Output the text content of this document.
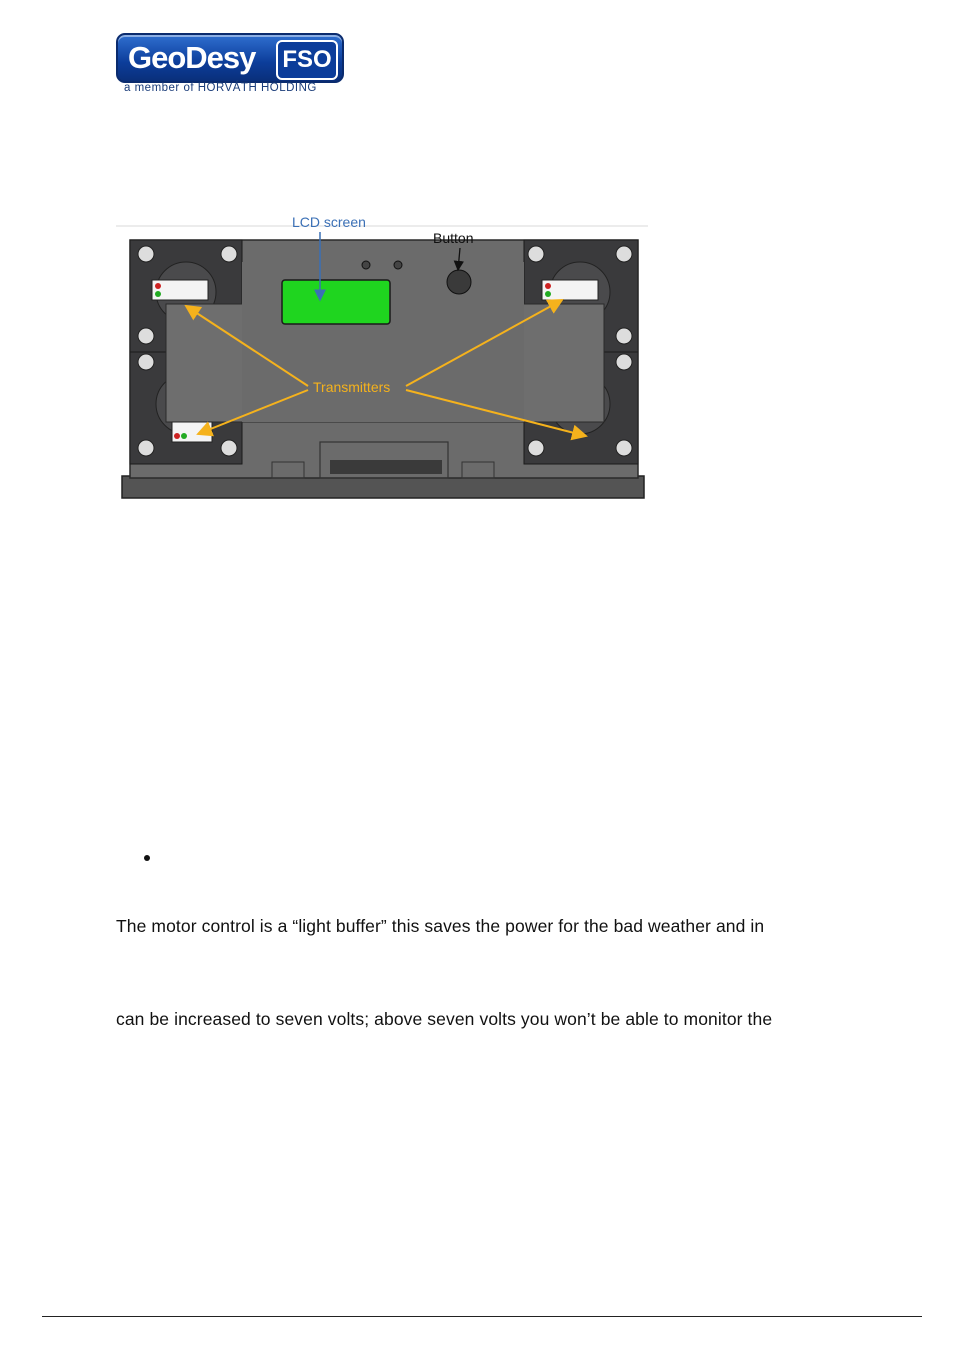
GeoDesy FSO
a member of HORVÁTH HOLDING
LCD screen
Button
Transmitters
The motor control is a “light buffer” this saves the power for the bad weather and in
can be increased to seven volts; above seven volts you won’t be able to monitor the
